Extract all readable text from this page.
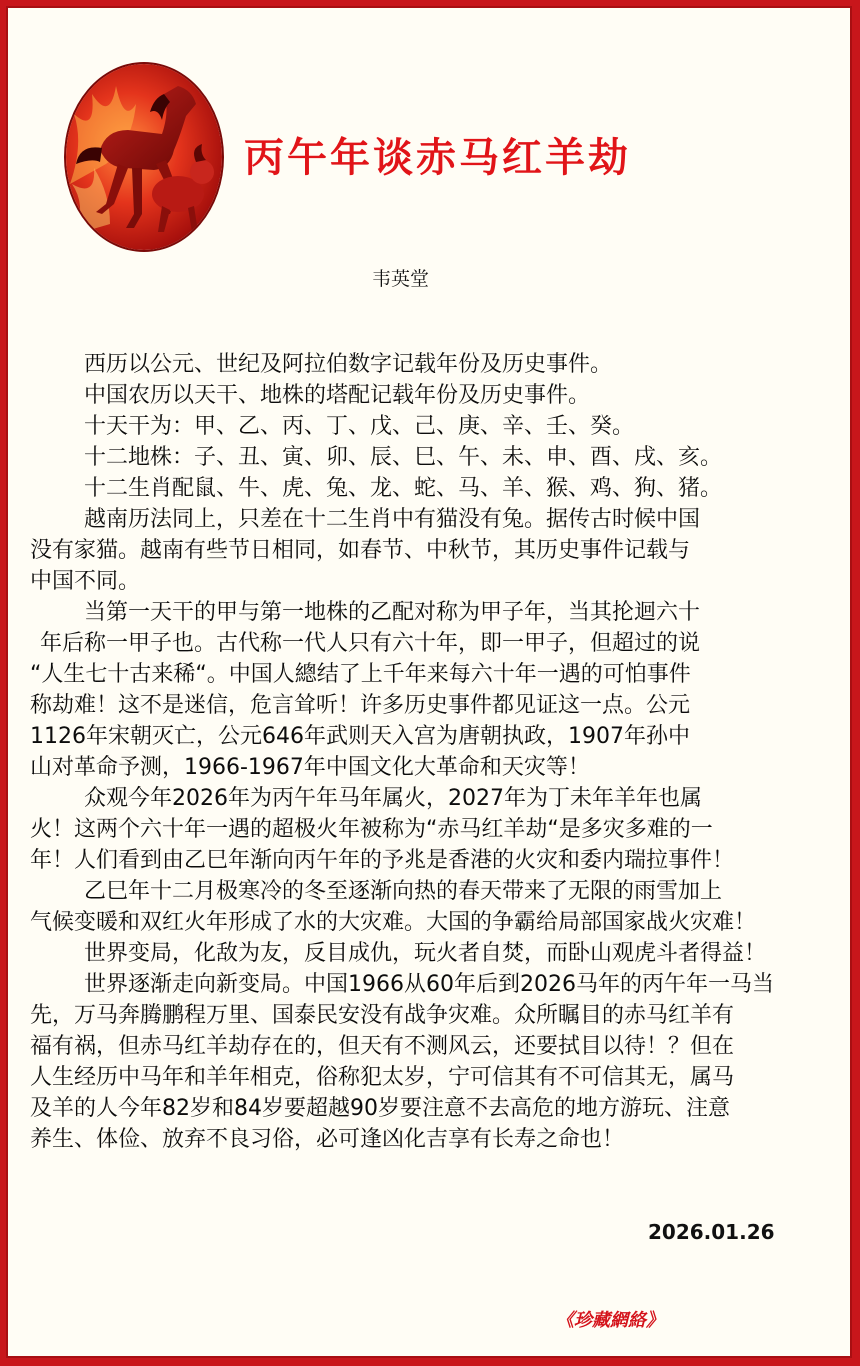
丙午年谈赤马红羊劫
韦英堂
西历以公元、世纪及阿拉伯数字记载年份及历史事件。
中国农历以天干、地株的塔配记载年份及历史事件。
十天干为：甲、乙、丙、丁、戊、己、庚、辛、壬、癸。
十二地株：子、丑、寅、卯、辰、巳、午、未、申、酉、戌、亥。
十二生肖配鼠、牛、虎、兔、龙、蛇、马、羊、猴、鸡、狗、猪。
越南历法同上，只差在十二生肖中有猫没有兔。据传古时候中国
没有家猫。越南有些节日相同，如春节、中秋节，其历史事件记载与
中国不同。
当第一天干的甲与第一地株的乙配对称为甲子年，当其抡迴六十
年后称一甲子也。古代称一代人只有六十年，即一甲子，但超过的说
“人生七十古来稀“。中国人總结了上千年来每六十年一遇的可怕事件
称劫难！这不是迷信，危言耸听！许多历史事件都见证这一点。公元
1126年宋朝灭亡，公元646年武则天入宫为唐朝执政，1907年孙中
山对革命予测，1966-1967年中国文化大革命和天灾等！
众观今年2026年为丙午年马年属火，2027年为丁未年羊年也属
火！这两个六十年一遇的超极火年被称为“赤马红羊劫“是多灾多难的一
年！人们看到由乙巳年渐向丙午年的予兆是香港的火灾和委内瑞拉事件！
乙巳年十二月极寒冷的冬至逐渐向热的春天带来了无限的雨雪加上
气候变暖和双红火年形成了水的大灾难。大国的争霸给局部国家战火灾难！
世界变局，化敌为友，反目成仇，玩火者自焚，而卧山观虎斗者得益！
世界逐渐走向新变局。中国1966从60年后到2026马年的丙午年一马当
先，万马奔腾鹏程万里、国泰民安没有战争灾难。众所瞩目的赤马红羊有
福有祸，但赤马红羊劫存在的，但天有不测风云，还要拭目以待！？但在
人生经历中马年和羊年相克，俗称犯太岁，宁可信其有不可信其无，属马
及羊的人今年82岁和84岁要超越90岁要注意不去高危的地方游玩、注意
养生、体俭、放弃不良习俗，必可逢凶化吉享有长寿之命也！
2026.01.26
《珍藏網絡》
